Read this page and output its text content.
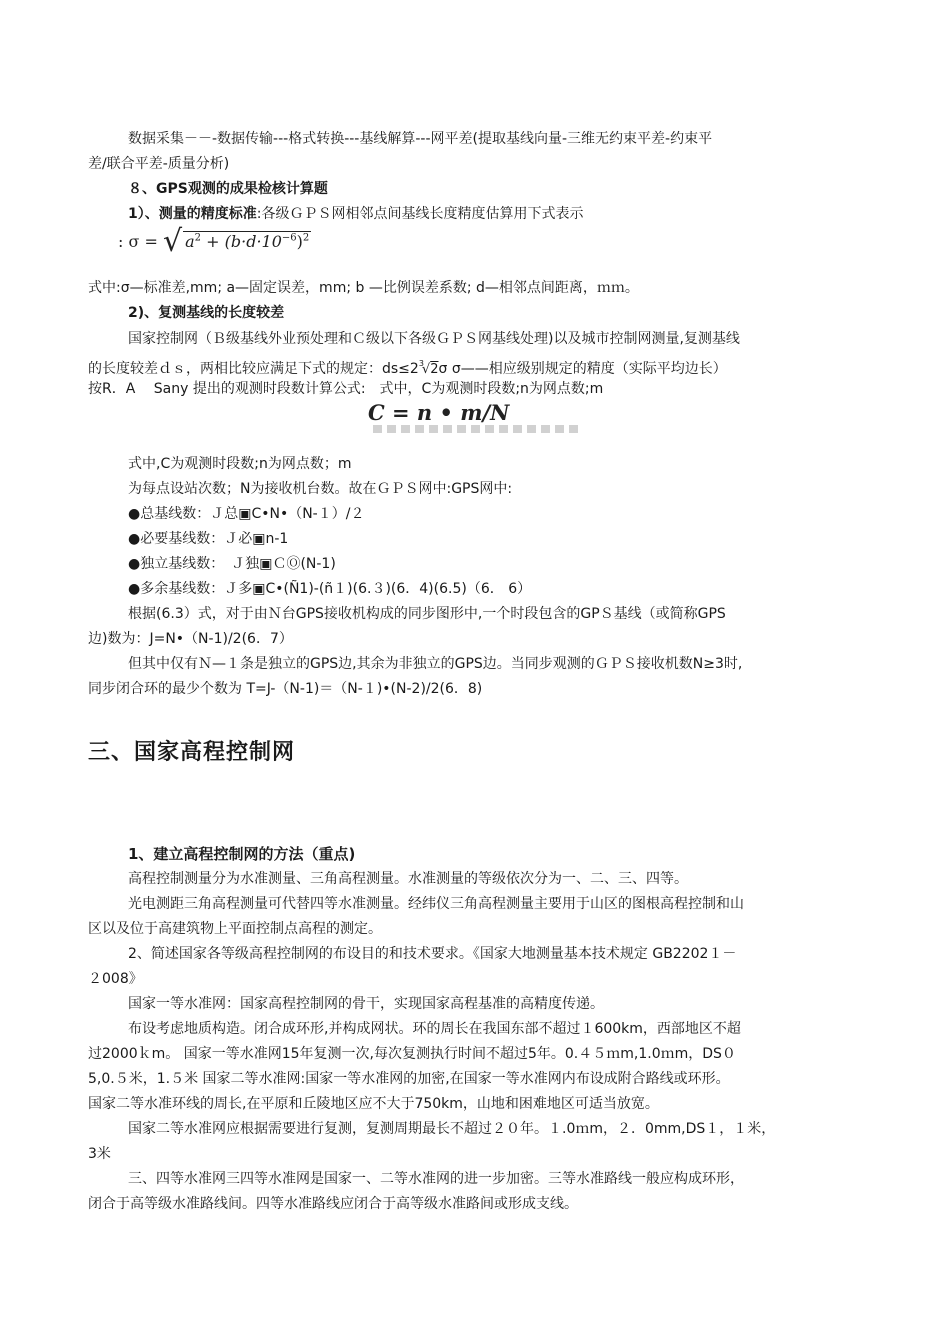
数据采集－－-数据传输---格式转换---基线解算---网平差(提取基线向量-三维无约束平差-约束平
差/联合平差-质量分析)
８、GPS观测的成果检核计算题
1）、测量的精度标准:各级ＧＰＳ网相邻点间基线长度精度估算用下式表示
: σ = √ $a^2 + (b\cdot d\cdot 10^{-6})^2$
式中:σ—标准差,mm; a—固定误差，mm; b —比例误差系数; d—相邻点间距离，ｍｍ。
2)、复测基线的长度较差
国家控制网（Ｂ级基线外业预处理和Ｃ级以下各级ＧＰＳ网基线处理)以及城市控制网测量,复测基线
的长度较差ｄｓ，两相比较应满足下式的规定：$ds\le 2^3√2\sigma$ σ——相应级别规定的精度（实际平均边长）
按R．A　 Sany 提出的观测时段数计算公式:　式中，C为观测时段数;n为网点数;m
C = n • m/N
式中,C为观测时段数;n为网点数；m
为每点设站次数；N为接收机台数。故在ＧＰＳ网中:GPS网中:
●总基线数：Ｊ总▣C•N•（N-１）/２
●必要基线数：Ｊ必▣n-1
●独立基线数：　Ｊ独▣ＣⓄ(N-1)
●多余基线数：Ｊ多▣C•(Ñ1)-(ñ１)(6.３)(6．4)(6.5)（6． 6）
根据(6.3）式，对于由Ｎ台GPS接收机构成的同步图形中,一个时段包含的GPＳ基线（或简称GPS
边)数为：J=N•（N-1)/2(6．7）
但其中仅有Ｎ—１条是独立的GPS边,其余为非独立的GPS边。当同步观测的ＧＰＳ接收机数N≥3时,
同步闭合环的最少个数为 T=J-（N-1)＝（N-１)•(N-2)/2(6．8)
三、国家高程控制网
1、建立高程控制网的方法（重点)
高程控制测量分为水准测量、三角高程测量。水准测量的等级依次分为一、二、三、四等。
光电测距三角高程测量可代替四等水准测量。经纬仪三角高程测量主要用于山区的图根高程控制和山
区以及位于高建筑物上平面控制点高程的测定。
2、简述国家各等级高程控制网的布设目的和技术要求。《国家大地测量基本技术规定 GB2202１－
２008》
国家一等水准网：国家高程控制网的骨干，实现国家高程基准的高精度传递。
布设考虑地质构造。闭合成环形,并构成网状。环的周长在我国东部不超过１600km，西部地区不超
过2000ｋm。 国家一等水准网15年复测一次,每次复测执行时间不超过5年。0.４５ｍm,1.0ｍm，DS０
5,0.５米，1.５米 国家二等水准网:国家一等水准网的加密,在国家一等水准网内布设成附合路线或环形。
国家二等水准环线的周长,在平原和丘陵地区应不大于750km，山地和困难地区可适当放宽。
国家二等水准网应根据需要进行复测，复测周期最长不超过２０年。１.0ｍm，２．0mm,DS１，１米，
3米
三、四等水准网三四等水准网是国家一、二等水准网的进一步加密。三等水准路线一般应构成环形，
闭合于高等级水准路线间。四等水准路线应闭合于高等级水准路间或形成支线。
